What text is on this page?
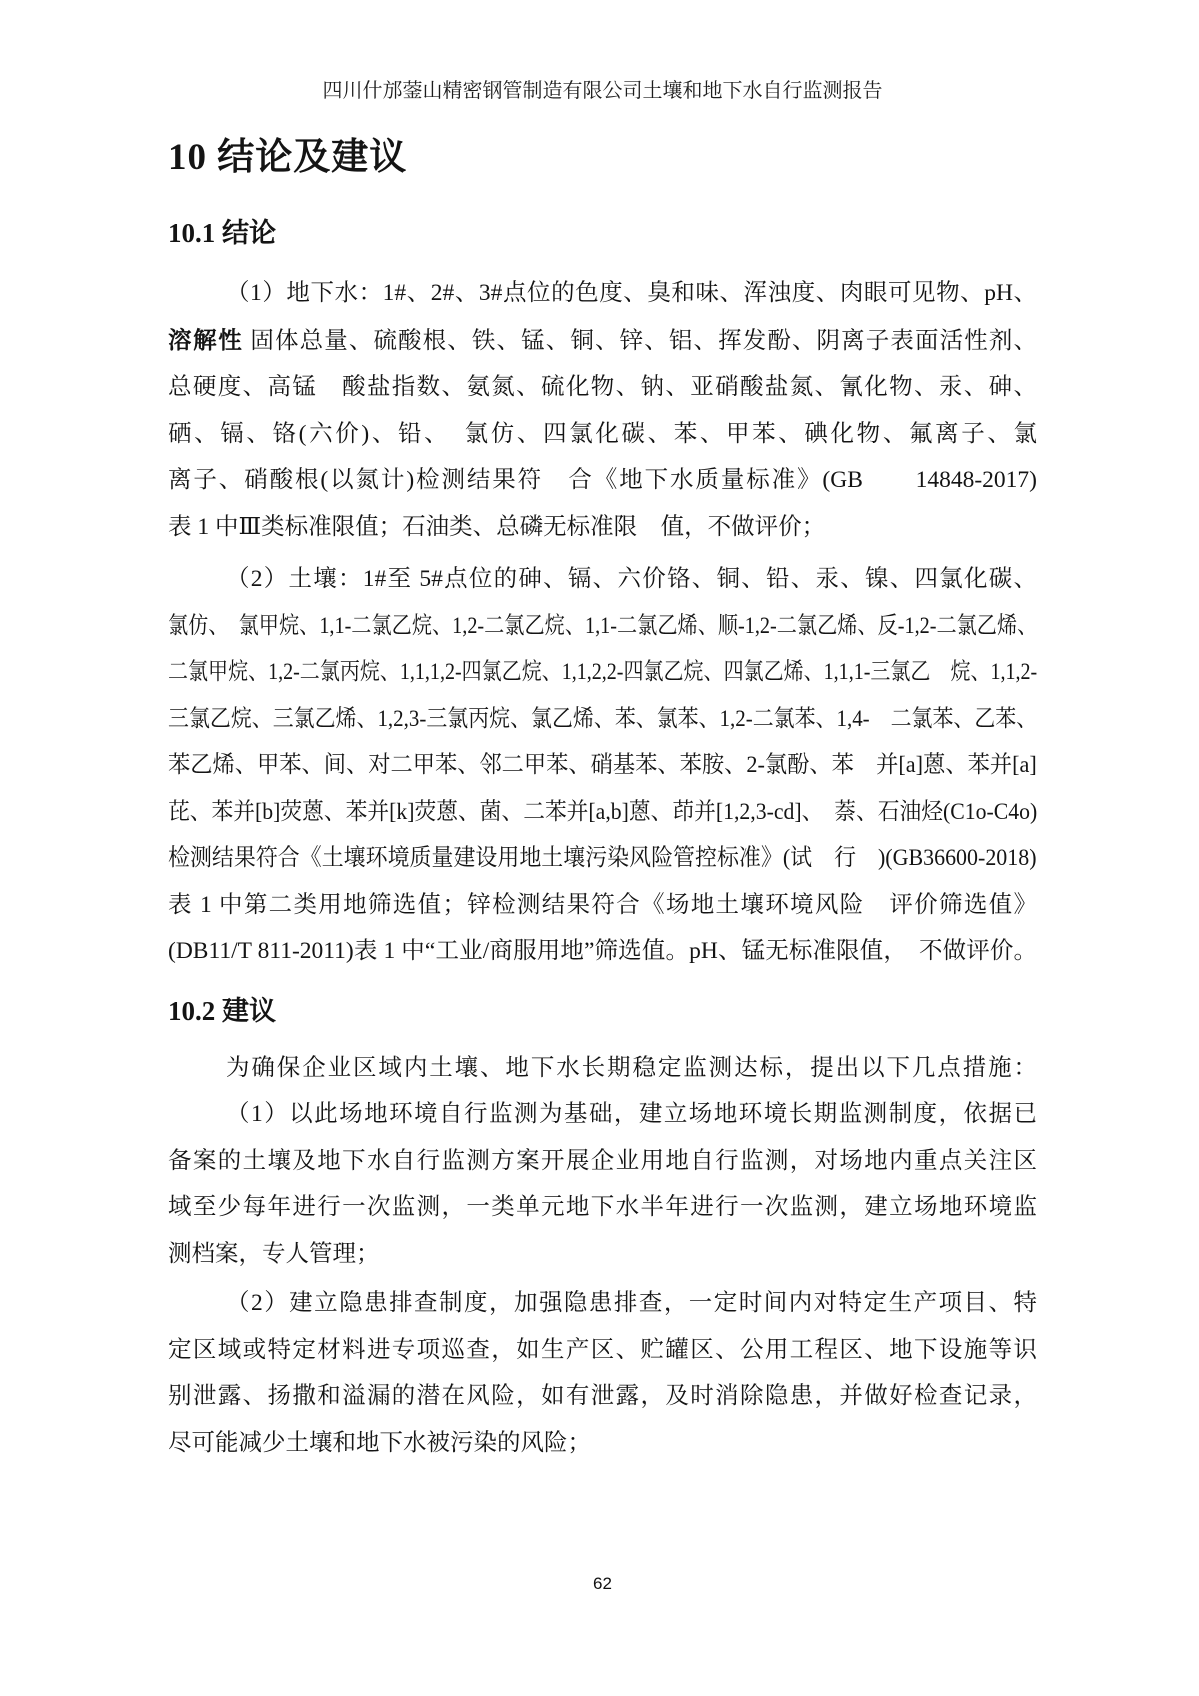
四川什邡蓥山精密钢管制造有限公司土壤和地下水自行监测报告
10 结论及建议
10.1 结论
（1）地下水：1#、2#、3#点位的色度、臭和味、浑浊度、肉眼可见物、pH、
溶解性 固体总量、硫酸根、铁、锰、铜、锌、铝、挥发酚、阴离子表面活性剂、
总硬度、高锰　酸盐指数、氨氮、硫化物、钠、亚硝酸盐氮、氰化物、汞、砷、
硒、镉、铬(六价)、铅、　氯仿、四氯化碳、苯、甲苯、碘化物、氟离子、氯
离子、硝酸根(以氮计)检测结果符　合《地下水质量标准》(GB　　14848-2017)
表 1 中Ⅲ类标准限值；石油类、总磷无标准限　值，不做评价；
（2）土壤：1#至 5#点位的砷、镉、六价铬、铜、铅、汞、镍、四氯化碳、
氯仿、　氯甲烷、1,1-二氯乙烷、1,2-二氯乙烷、1,1-二氯乙烯、顺-1,2-二氯乙烯、反-1,2-二氯乙烯、
二氯甲烷、1,2-二氯丙烷、1,1,1,2-四氯乙烷、1,1,2,2-四氯乙烷、四氯乙烯、1,1,1-三氯乙　烷、1,1,2-
三氯乙烷、三氯乙烯、1,2,3-三氯丙烷、氯乙烯、苯、氯苯、1,2-二氯苯、1,4-　二氯苯、乙苯、
苯乙烯、甲苯、间、对二甲苯、邻二甲苯、硝基苯、苯胺、2-氯酚、苯　并[a]蒽、苯并[a]
芘、苯并[b]荧蒽、苯并[k]荧蒽、菌、二苯并[a,b]蒽、茚并[1,2,3-cd]、　萘、石油烃(C1o-C4o)
检测结果符合《土壤环境质量建设用地土壤污染风险管控标准》(试　行　)(GB36600-2018)
表 1 中第二类用地筛选值；锌检测结果符合《场地土壤环境风险　评价筛选值》
(DB11/T 811-2011)表 1 中“工业/商服用地”筛选值。pH、锰无标准限值，　不做评价。
10.2 建议
为确保企业区域内土壤、地下水长期稳定监测达标，提出以下几点措施：
（1）以此场地环境自行监测为基础，建立场地环境长期监测制度，依据已
备案的土壤及地下水自行监测方案开展企业用地自行监测，对场地内重点关注区
域至少每年进行一次监测，一类单元地下水半年进行一次监测，建立场地环境监
测档案，专人管理；
（2）建立隐患排查制度，加强隐患排查，一定时间内对特定生产项目、特
定区域或特定材料进专项巡查，如生产区、贮罐区、公用工程区、地下设施等识
别泄露、扬撒和溢漏的潜在风险，如有泄露，及时消除隐患，并做好检查记录，
尽可能减少土壤和地下水被污染的风险；
62
